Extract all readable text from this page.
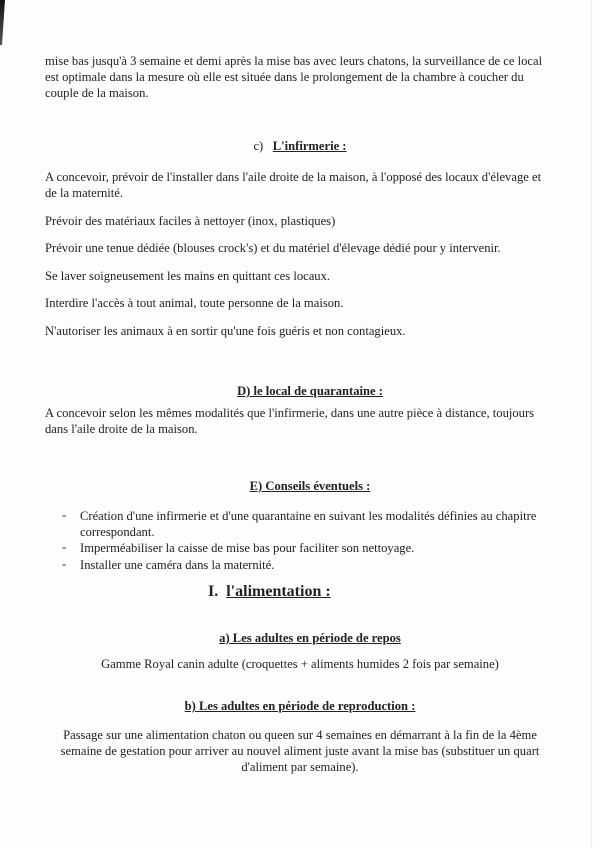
mise bas jusqu'à 3 semaine et demi après la mise bas avec leurs chatons, la surveillance de ce local
est optimale dans la mesure où elle est située dans le prolongement de la chambre à coucher du
couple de la maison.
c) L'infirmerie :
A concevoir, prévoir de l'installer dans l'aile droite de la maison, à l'opposé des locaux d'élevage et
de la maternité.
Prévoir des matériaux faciles à nettoyer (inox, plastiques)
Prévoir une tenue dédiée (blouses crock's) et du matériel d'élevage dédié pour y intervenir.
Se laver soigneusement les mains en quittant ces locaux.
Interdire l'accès à tout animal, toute personne de la maison.
N'autoriser les animaux à en sortir qu'une fois guéris et non contagieux.
D) le local de quarantaine :
A concevoir selon les mêmes modalités que l'infirmerie, dans une autre pièce à distance, toujours
dans l'aile droite de la maison.
E) Conseils éventuels :
- Création d'une infirmerie et d'une quarantaine en suivant les modalités définies au chapitre
correspondant.
- Imperméabiliser la caisse de mise bas pour faciliter son nettoyage.
- Installer une caméra dans la maternité.
I. l'alimentation :
a) Les adultes en période de repos
Gamme Royal canin adulte (croquettes + aliments humides 2 fois par semaine)
b) Les adultes en période de reproduction :
Passage sur une alimentation chaton ou queen sur 4 semaines en démarrant à la fin de la 4ème
semaine de gestation pour arriver au nouvel aliment juste avant la mise bas (substituer un quart
d'aliment par semaine).
